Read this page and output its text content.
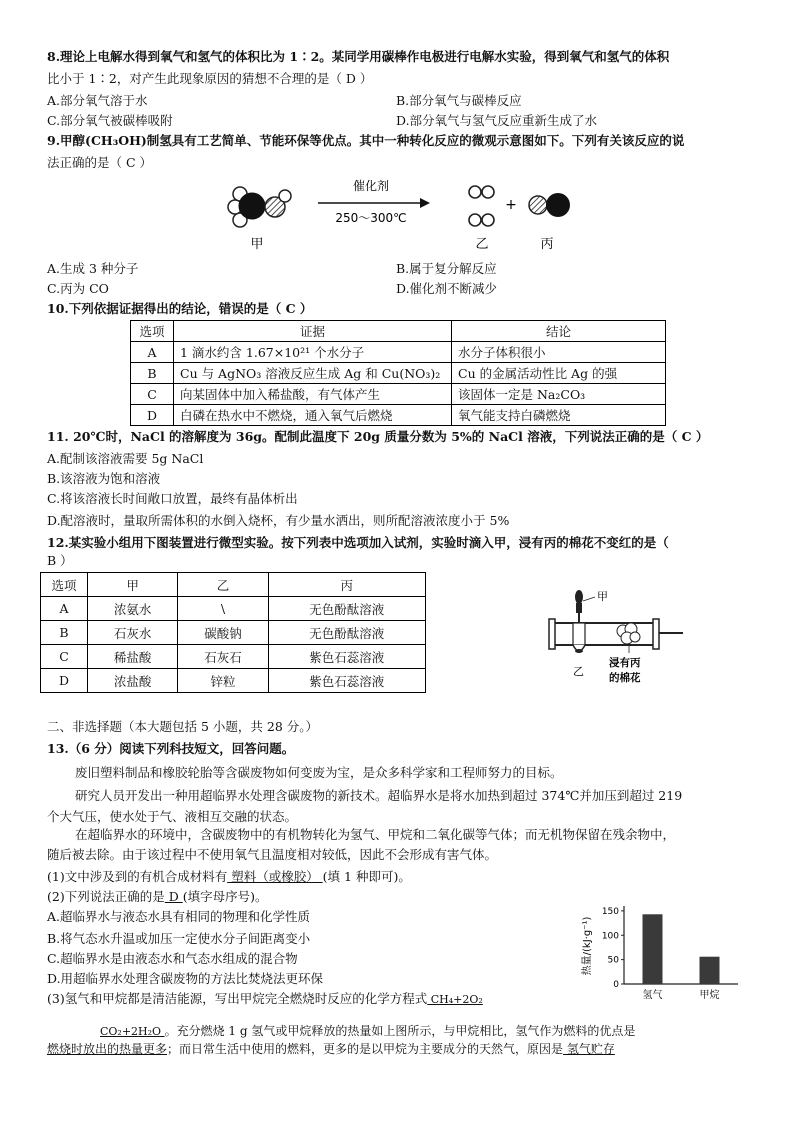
8.理论上电解水得到氧气和氢气的体积比为 1∶2。某同学用碳棒作电极进行电解水实验，得到氧气和氢气的体积
比小于 1∶2，对产生此现象原因的猜想不合理的是（ D ）
A.部分氧气溶于水	B.部分氧气与碳棒反应
C.部分氧气被碳棒吸附	D.部分氧气与氢气反应重新生成了水
9.甲醇(CH₃OH)制氢具有工艺简单、节能环保等优点。其中一种转化反应的微观示意图如下。下列有关该反应的说
法正确的是（ C ）
甲
催化剂
250～300℃
+
乙	丙
A.生成 3 种分子	B.属于复分解反应
C.丙为 CO	D.催化剂不断减少
10.下列依据证据得出的结论，错误的是（ C ）
选项	证据	结论
A	1 滴水约含 1.67×10²¹ 个水分子	水分子体积很小
B	Cu 与 AgNO₃ 溶液反应生成 Ag 和 Cu(NO₃)₂	Cu 的金属活动性比 Ag 的强
C	向某固体中加入稀盐酸，有气体产生	该固体一定是 Na₂CO₃
D	白磷在热水中不燃烧，通入氧气后燃烧	氧气能支持白磷燃烧
11. 20℃时，NaCl 的溶解度为 36g。配制此温度下 20g 质量分数为 5%的 NaCl 溶液，下列说法正确的是（ C ）
A.配制该溶液需要 5g NaCl
B.该溶液为饱和溶液
C.将该溶液长时间敞口放置，最终有晶体析出
D.配溶液时，量取所需体积的水倒入烧杯，有少量水洒出，则所配溶液浓度小于 5%
12.某实验小组用下图装置进行微型实验。按下列表中选项加入试剂，实验时滴入甲，浸有丙的棉花不变红的是（
B ）
选项	甲	乙	丙
A	浓氨水	\	无色酚酞溶液
B	石灰水	碳酸钠	无色酚酞溶液
C	稀盐酸	石灰石	紫色石蕊溶液
D	浓盐酸	锌粒	紫色石蕊溶液
甲
浸有丙
的棉花
乙
二、非选择题（本大题包括 5 小题，共 28 分。）
13.（6 分）阅读下列科技短文，回答问题。
废旧塑料制品和橡胶轮胎等含碳废物如何变废为宝，是众多科学家和工程师努力的目标。
研究人员开发出一种用超临界水处理含碳废物的新技术。超临界水是将水加热到超过 374℃并加压到超过 219
个大气压，使水处于气、液相互交融的状态。
在超临界水的环境中，含碳废物中的有机物转化为氢气、甲烷和二氧化碳等气体；而无机物保留在残余物中，
随后被去除。由于该过程中不使用氧气且温度相对较低，因此不会形成有害气体。
(1)文中涉及到的有机合成材料有 塑料（或橡胶） (填 1 种即可)。
(2)下列说法正确的是 D (填字母序号)。
A.超临界水与液态水具有相同的物理和化学性质
B.将气态水升温或加压一定使水分子间距离变小
C.超临界水是由液态水和气态水组成的混合物
D.用超临界水处理含碳废物的方法比焚烧法更环保
(3)氢气和甲烷都是清洁能源，写出甲烷完全燃烧时反应的化学方程式 CH₄+2O₂
CO₂+2H₂O 。充分燃烧 1 g 氢气或甲烷释放的热量如上图所示，与甲烷相比，氢气作为燃料的优点是
燃烧时放出的热量更多；而日常生活中使用的燃料，更多的是以甲烷为主要成分的天然气，原因是 氢气贮存
热量/(kJ·g⁻¹)
0
50
100
150
氢气	甲烷
